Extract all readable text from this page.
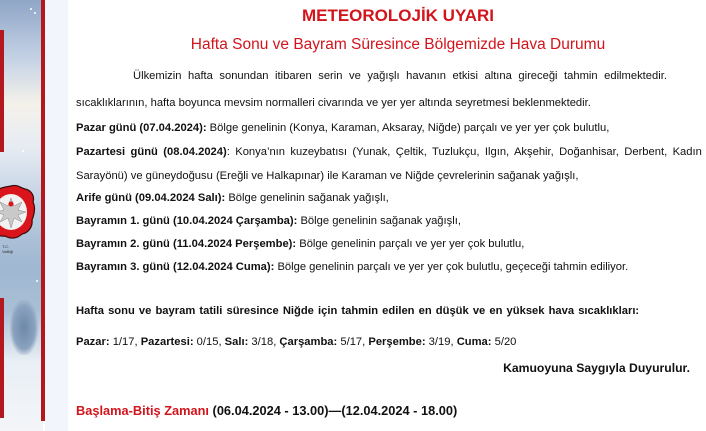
T.C.
Valiliği
METEOROLOJİK UYARI
Hafta Sonu ve Bayram Süresince Bölgemizde Hava Durumu
Ülkemizin hafta sonundan itibaren serin ve yağışlı havanın etkisi altına gireceği tahmin edilmektedir.
sıcaklıklarının, hafta boyunca mevsim normalleri civarında ve yer yer altında seyretmesi beklenmektedir.
Pazar günü (07.04.2024): Bölge genelinin (Konya, Karaman, Aksaray, Niğde) parçalı ve yer yer çok bulutlu,
Pazartesi günü (08.04.2024): Konya’nın kuzeybatısı (Yunak, Çeltik, Tuzlukçu, Ilgın, Akşehir, Doğanhisar, Derbent, Kadın
Sarayönü) ve güneydoğusu (Ereğli ve Halkapınar) ile Karaman ve Niğde çevrelerinin sağanak yağışlı,
Arife günü (09.04.2024 Salı): Bölge genelinin sağanak yağışlı,
Bayramın 1. günü (10.04.2024 Çarşamba): Bölge genelinin sağanak yağışlı,
Bayramın 2. günü (11.04.2024 Perşembe): Bölge genelinin parçalı ve yer yer çok bulutlu,
Bayramın 3. günü (12.04.2024 Cuma): Bölge genelinin parçalı ve yer yer çok bulutlu, geçeceği tahmin ediliyor.
Hafta sonu ve bayram tatili süresince Niğde için tahmin edilen en düşük ve en yüksek hava sıcaklıkları:
Pazar: 1/17, Pazartesi: 0/15, Salı: 3/18, Çarşamba: 5/17, Perşembe: 3/19, Cuma: 5/20
Kamuoyuna Saygıyla Duyurulur.
Başlama-Bitiş Zamanı (06.04.2024 - 13.00)—(12.04.2024 - 18.00)
